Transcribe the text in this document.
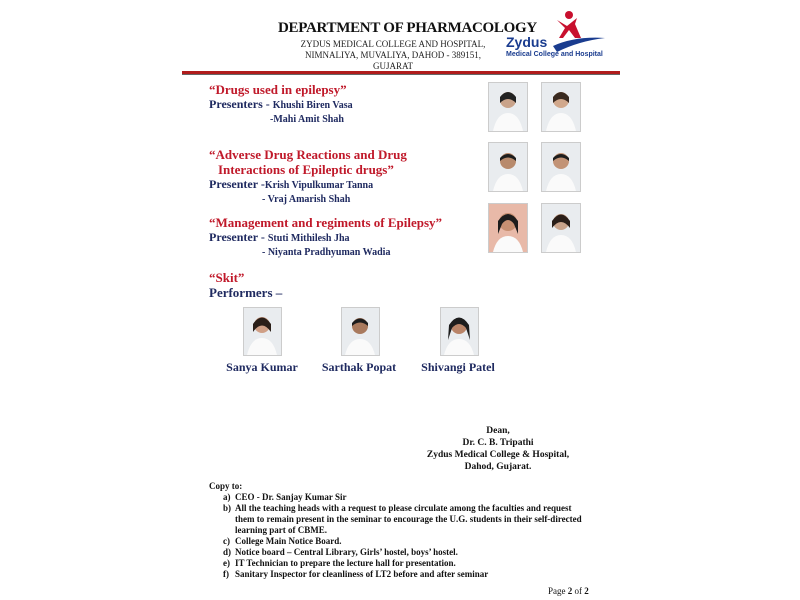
DEPARTMENT OF PHARMACOLOGY
ZYDUS MEDICAL COLLEGE AND HOSPITAL,
NIMNALIYA, MUVALIYA, DAHOD - 389151,
GUJARAT
Zydus
Medical College and Hospital
“Drugs used in epilepsy”
Presenters - Khushi Biren Vasa
-Mahi Amit Shah
“Adverse Drug Reactions and Drug
Interactions of Epileptic drugs”
Presenter -Krish Vipulkumar Tanna
- Vraj Amarish Shah
“Management and regiments of Epilepsy”
Presenter - Stuti Mithilesh Jha
- Niyanta Pradhyuman Wadia
“Skit”
Performers –
Sanya Kumar	Sarthak Popat	Shivangi Patel
Dean,
Dr. C. B. Tripathi
Zydus Medical College & Hospital,
Dahod, Gujarat.
Copy to:
a) CEO - Dr. Sanjay Kumar Sir
b) All the teaching heads with a request to please circulate among the faculties and request them to remain present in the seminar to encourage the U.G. students in their self-directed learning part of CBME.
c) College Main Notice Board.
d) Notice board – Central Library, Girls’ hostel, boys’ hostel.
e) IT Technician to prepare the lecture hall for presentation.
f) Sanitary Inspector for cleanliness of LT2 before and after seminar
Page 2 of 2
